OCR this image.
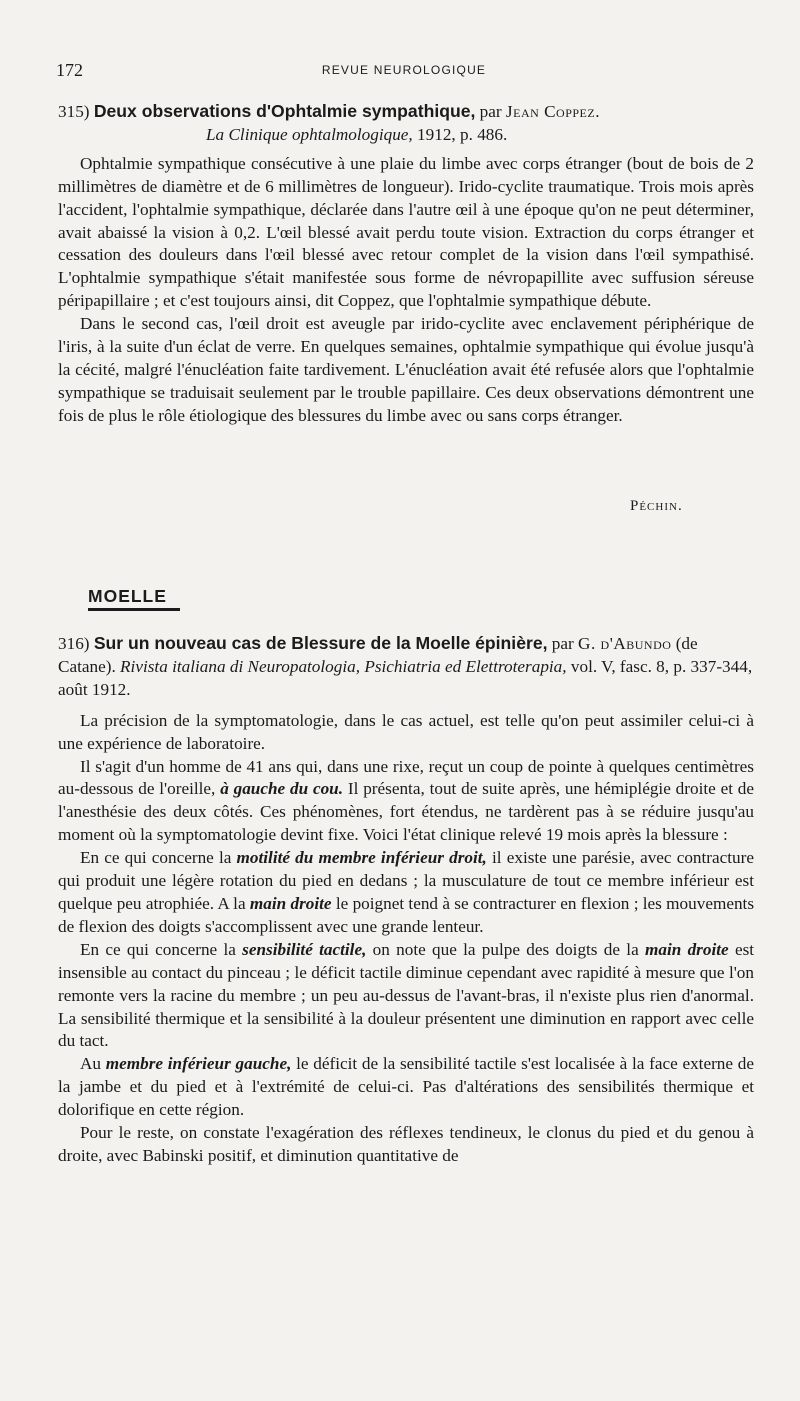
172	REVUE NEUROLOGIQUE

315) Deux observations d'Ophtalmie sympathique, par Jean Coppez.

La Clinique ophtalmologique, 1912, p. 486.

Ophtalmie sympathique consécutive à une plaie du limbe avec corps étranger (bout de bois de 2 millimètres de diamètre et de 6 millimètres de longueur). Irido-cyclite traumatique. Trois mois après l'accident, l'ophtalmie sympathique, déclarée dans l'autre œil à une époque qu'on ne peut déterminer, avait abaissé la vision à 0,2. L'œil blessé avait perdu toute vision. Extraction du corps étranger et cessation des douleurs dans l'œil blessé avec retour complet de la vision dans l'œil sympathisé. L'ophtalmie sympathique s'était manifestée sous forme de névropapillite avec suffusion séreuse péripapillaire ; et c'est toujours ainsi, dit Coppez, que l'ophtalmie sympathique débute.

Dans le second cas, l'œil droit est aveugle par irido-cyclite avec enclavement périphérique de l'iris, à la suite d'un éclat de verre. En quelques semaines, ophtalmie sympathique qui évolue jusqu'à la cécité, malgré l'énucléation faite tardivement. L'énucléation avait été refusée alors que l'ophtalmie sympathique se traduisait seulement par le trouble papillaire. Ces deux observations démontrent une fois de plus le rôle étiologique des blessures du limbe avec ou sans corps étranger.

Péchin.
MOELLE

316) Sur un nouveau cas de Blessure de la Moelle épinière, par G. d'Abundo (de Catane). Rivista italiana di Neuropatologia, Psichiatria ed Elettroterapia, vol. V, fasc. 8, p. 337-344, août 1912.

La précision de la symptomatologie, dans le cas actuel, est telle qu'on peut assimiler celui-ci à une expérience de laboratoire.

Il s'agit d'un homme de 41 ans qui, dans une rixe, reçut un coup de pointe à quelques centimètres au-dessous de l'oreille, à gauche du cou. Il présenta, tout de suite après, une hémiplégie droite et de l'anesthésie des deux côtés. Ces phénomènes, fort étendus, ne tardèrent pas à se réduire jusqu'au moment où la symptomatologie devint fixe. Voici l'état clinique relevé 19 mois après la blessure :

En ce qui concerne la motilité du membre inférieur droit, il existe une parésie, avec contracture qui produit une légère rotation du pied en dedans ; la musculature de tout ce membre inférieur est quelque peu atrophiée. A la main droite le poignet tend à se contracturer en flexion ; les mouvements de flexion des doigts s'accomplissent avec une grande lenteur.

En ce qui concerne la sensibilité tactile, on note que la pulpe des doigts de la main droite est insensible au contact du pinceau ; le déficit tactile diminue cependant avec rapidité à mesure que l'on remonte vers la racine du membre ; un peu au-dessus de l'avant-bras, il n'existe plus rien d'anormal. La sensibilité thermique et la sensibilité à la douleur présentent une diminution en rapport avec celle du tact.

Au membre inférieur gauche, le déficit de la sensibilité tactile s'est localisée à la face externe de la jambe et du pied et à l'extrémité de celui-ci. Pas d'altérations des sensibilités thermique et dolorifique en cette région.

Pour le reste, on constate l'exagération des réflexes tendineux, le clonus du pied et du genou à droite, avec Babinski positif, et diminution quantitative de
